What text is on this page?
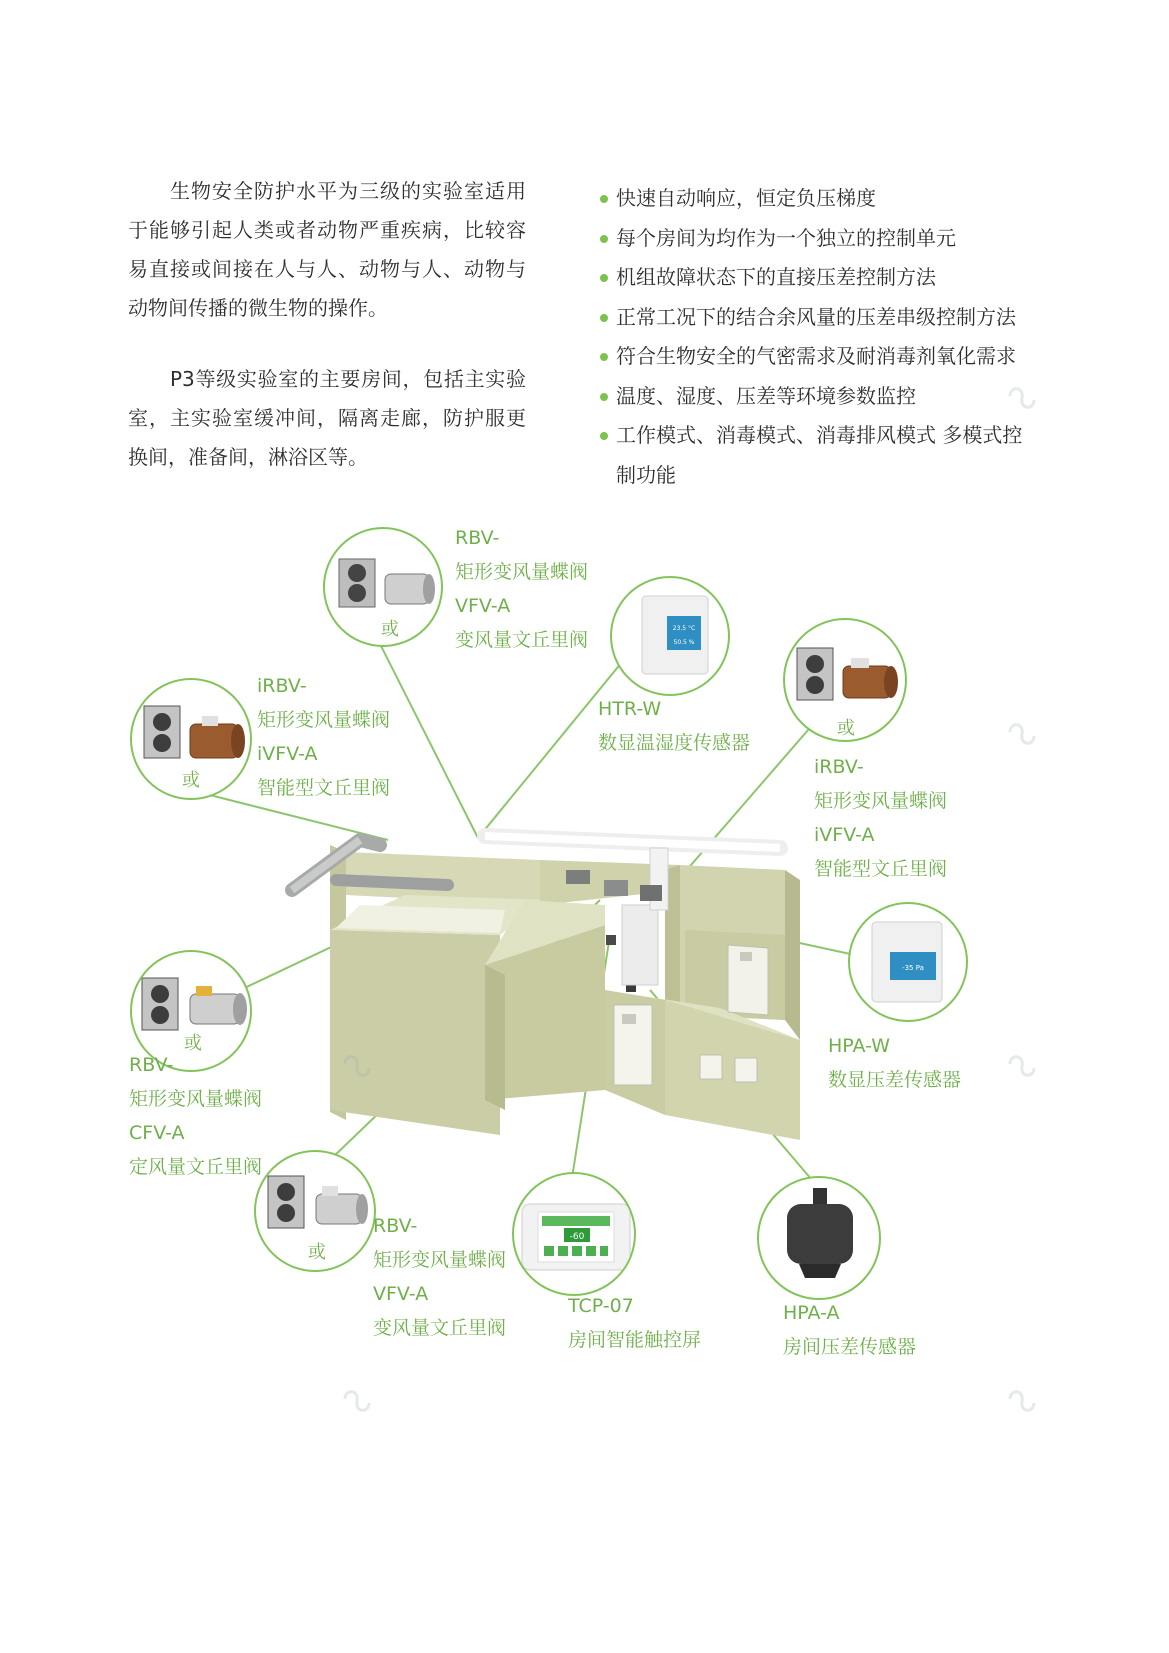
生物安全防护水平为三级的实验室适用于能够引起人类或者动物严重疾病，比较容易直接或间接在人与人、动物与人、动物与动物间传播的微生物的操作。

P3等级实验室的主要房间，包括主实验室，主实验室缓冲间，隔离走廊，防护服更换间，准备间，淋浴区等。

快速自动响应，恒定负压梯度
每个房间为均作为一个独立的控制单元
机组故障状态下的直接压差控制方法
正常工况下的结合余风量的压差串级控制方法
符合生物安全的气密需求及耐消毒剂氧化需求
温度、湿度、压差等环境参数监控
工作模式、消毒模式、消毒排风模式 多模式控制功能
或
RBV-
矩形变风量蝶阀
VFV-A
变风量文丘里阀
或
iRBV-
矩形变风量蝶阀
iVFV-A
智能型文丘里阀
23.5 °C
50.5 %
HTR-W
数显温湿度传感器
或
iRBV-
矩形变风量蝶阀
iVFV-A
智能型文丘里阀
-35 Pa
HPA-W
数显压差传感器
或
RBV-
矩形变风量蝶阀
CFV-A
定风量文丘里阀
或
RBV-
矩形变风量蝶阀
VFV-A
变风量文丘里阀
-60
TCP-07
房间智能触控屏
HPA-A
房间压差传感器
